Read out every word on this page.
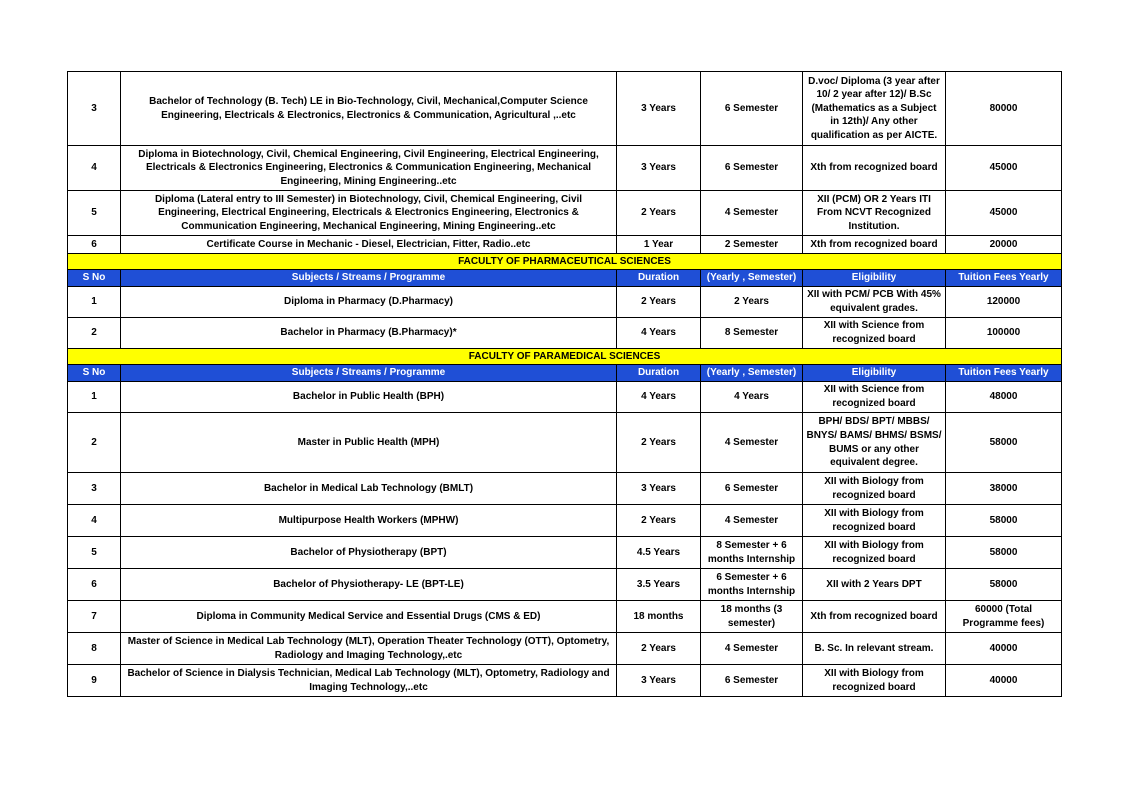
3	Bachelor of Technology (B. Tech) LE in Bio-Technology, Civil, Mechanical,Computer Science Engineering, Electricals & Electronics, Electronics & Communication, Agricultural ,..etc	3 Years	6 Semester	D.voc/ Diploma (3 year after 10/ 2 year after 12)/ B.Sc (Mathematics as a Subject in 12th)/ Any other qualification as per AICTE.	80000
4	Diploma in Biotechnology, Civil, Chemical Engineering, Civil Engineering, Electrical Engineering, Electricals & Electronics Engineering, Electronics & Communication Engineering, Mechanical Engineering, Mining Engineering..etc	3 Years	6 Semester	Xth from recognized board	45000
5	Diploma (Lateral entry to III Semester) in Biotechnology, Civil, Chemical Engineering, Civil Engineering, Electrical Engineering, Electricals & Electronics Engineering, Electronics & Communication Engineering, Mechanical Engineering, Mining Engineering..etc	2 Years	4 Semester	XII (PCM) OR 2 Years ITI From NCVT Recognized Institution.	45000
6	Certificate Course in Mechanic - Diesel, Electrician, Fitter, Radio..etc	1 Year	2 Semester	Xth from recognized board	20000
FACULTY OF PHARMACEUTICAL SCIENCES					
S No	Subjects / Streams / Programme	Duration	(Yearly , Semester)	Eligibility	Tuition Fees Yearly
1	Diploma in Pharmacy (D.Pharmacy)	2 Years	2 Years	XII with PCM/ PCB With 45% equivalent grades.	120000
2	Bachelor in Pharmacy (B.Pharmacy)*	4 Years	8 Semester	XII with Science from recognized board	100000
FACULTY OF PARAMEDICAL SCIENCES					
S No	Subjects / Streams / Programme	Duration	(Yearly , Semester)	Eligibility	Tuition Fees Yearly
1	Bachelor in Public Health (BPH)	4 Years	4 Years	XII with Science from recognized board	48000
2	Master in Public Health (MPH)	2 Years	4 Semester	BPH/ BDS/ BPT/ MBBS/ BNYS/ BAMS/ BHMS/ BSMS/ BUMS or any other equivalent degree.	58000
3	Bachelor in Medical Lab Technology (BMLT)	3 Years	6 Semester	XII with Biology from recognized board	38000
4	Multipurpose Health Workers (MPHW)	2 Years	4 Semester	XII with Biology from recognized board	58000
5	Bachelor of Physiotherapy (BPT)	4.5 Years	8 Semester + 6 months Internship	XII with Biology from recognized board	58000
6	Bachelor of Physiotherapy- LE (BPT-LE)	3.5 Years	6 Semester + 6 months Internship	XII with 2 Years DPT	58000
7	Diploma in Community Medical Service and Essential Drugs (CMS & ED)	18 months	18 months (3 semester)	Xth from recognized board	60000 (Total Programme fees)
8	Master of Science in Medical Lab Technology (MLT), Operation Theater Technology (OTT), Optometry, Radiology and Imaging Technology,.etc	2 Years	4 Semester	B. Sc. In relevant stream.	40000
9	Bachelor of Science in Dialysis Technician, Medical Lab Technology (MLT), Optometry, Radiology and Imaging Technology,..etc	3 Years	6 Semester	XII with Biology from recognized board	40000
